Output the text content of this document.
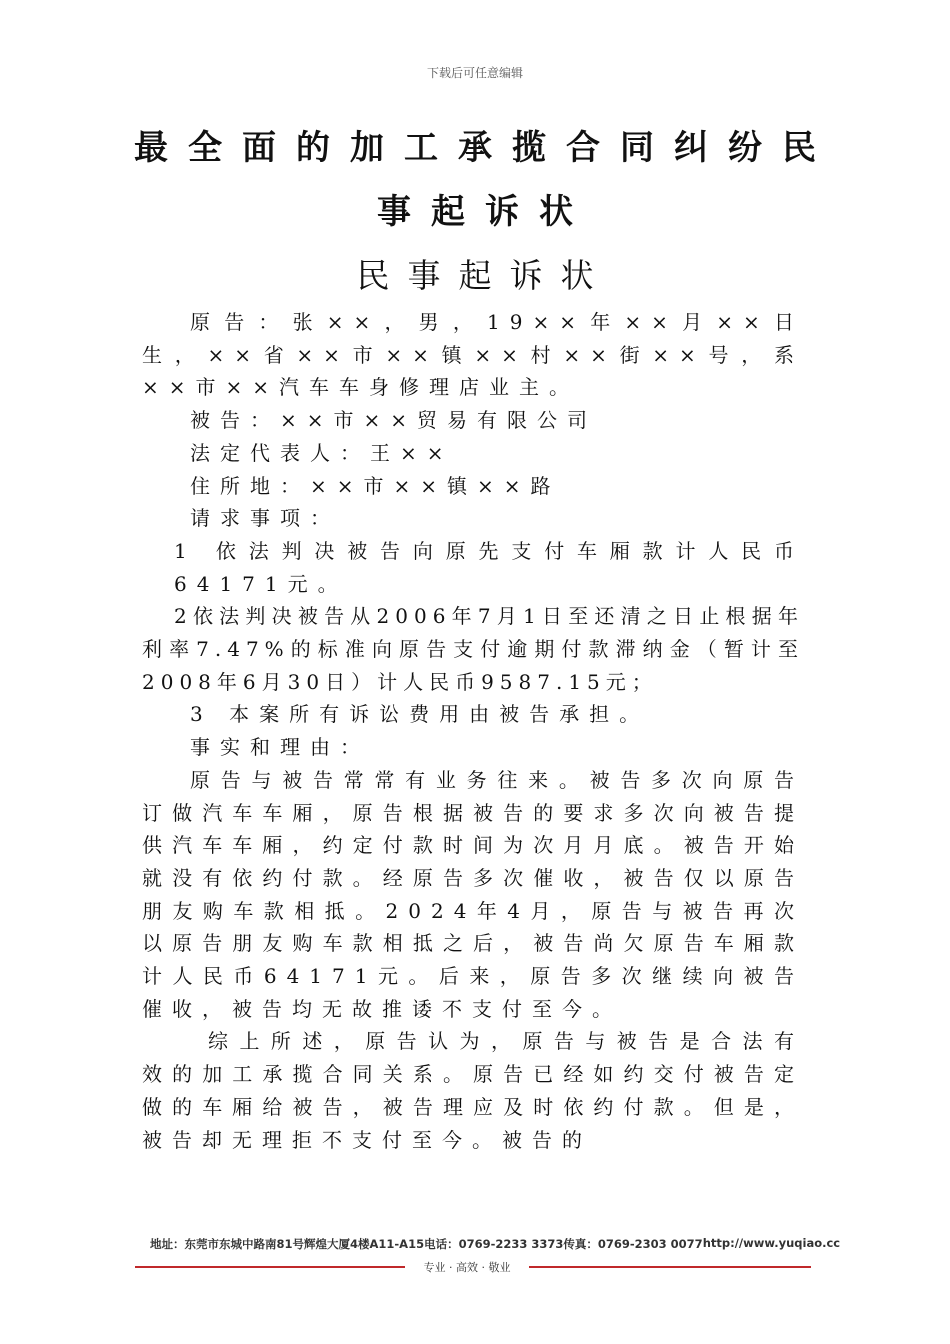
下载后可任意编辑
最全面的加工承揽合同纠纷民
事起诉状
民事起诉状

原告：张××，男，19××年××月××日生，××省××市××镇××村××街××号，系××市××汽车车身修理店业主。

被告：××市××贸易有限公司

法定代表人：王××

住所地：××市××镇××路

请求事项：

1 依法判决被告向原先支付车厢款计人民币64171元。

2依法判决被告从2006年7月1日至还清之日止根据年利率7.47%的标准向原告支付逾期付款滞纳金（暂计至2008年6月30日）计人民币9587.15元；

3 本案所有诉讼费用由被告承担。

事实和理由：

原告与被告常常有业务往来。被告多次向原告订做汽车车厢，原告根据被告的要求多次向被告提供汽车车厢，约定付款时间为次月月底。被告开始就没有依约付款。经原告多次催收，被告仅以原告朋友购车款相抵。2024年4月，原告与被告再次以原告朋友购车款相抵之后，被告尚欠原告车厢款计人民币64171元。后来，原告多次继续向被告催收，被告均无故推诿不支付至今。

综上所述，原告认为，原告与被告是合法有效的加工承揽合同关系。原告已经如约交付被告定做的车厢给被告，被告理应及时依约付款。但是，被告却无理拒不支付至今。被告的

地址：东莞市东城中路南81号辉煌大厦4楼A11-A15 电话：0769-2233 3373 传真：0769-2303 0077 http://www.yuqiao.cc
专业 · 高效 · 敬业
